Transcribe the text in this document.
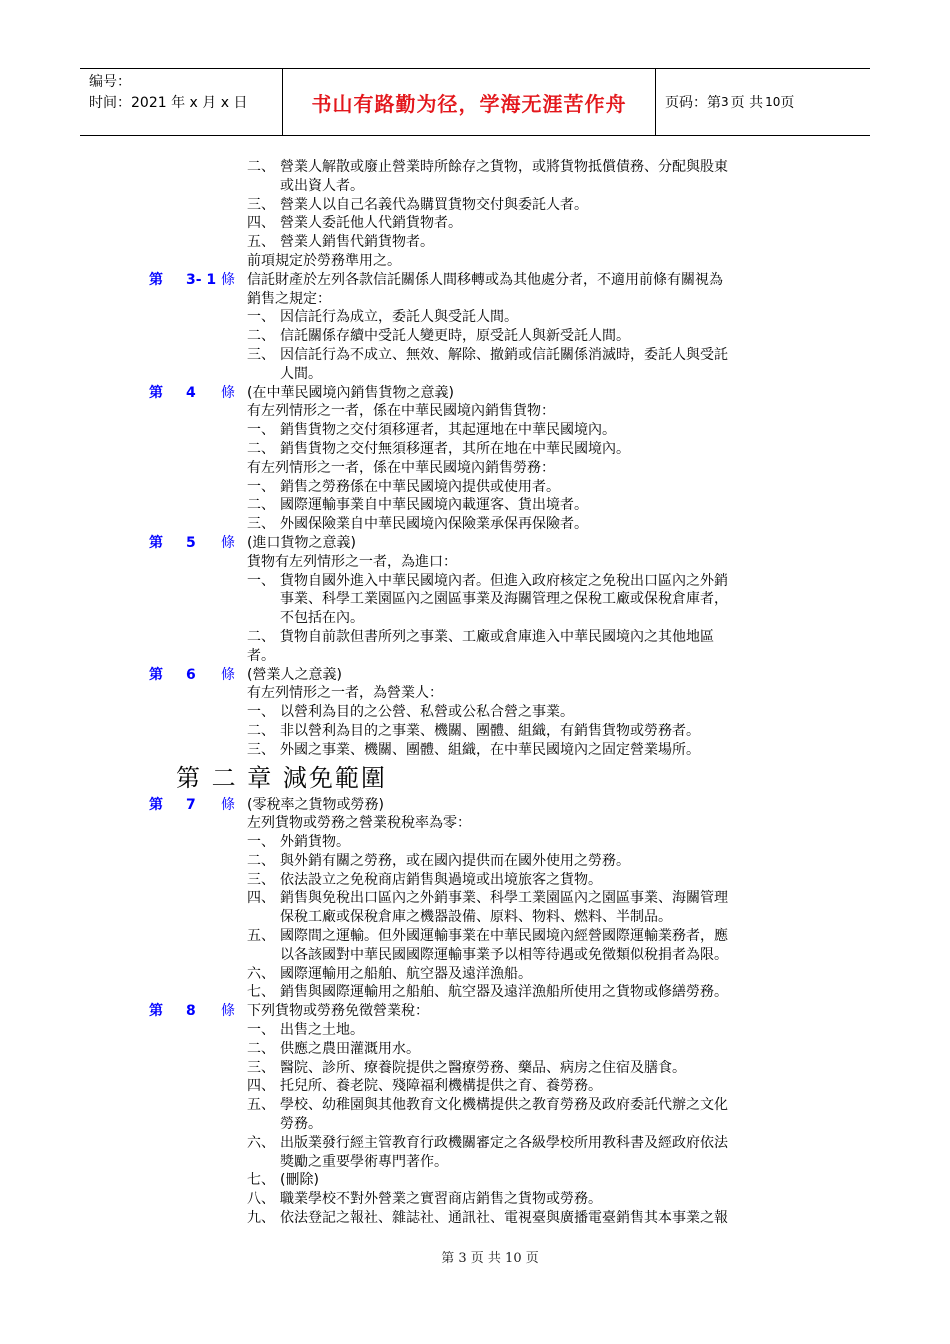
编号：
时间：2021 年 x 月 x 日	书山有路勤为径，学海无涯苦作舟	页码：第 3 页 共 10 页
二、 營業人解散或廢止營業時所餘存之貨物，或將貨物抵償債務、分配與股東
或出資人者。
三、 營業人以自己名義代為購買貨物交付與委託人者。
四、 營業人委託他人代銷貨物者。
五、 營業人銷售代銷貨物者。
前項規定於勞務準用之。
第 3- 1 條 信託財產於左列各款信託關係人間移轉或為其他處分者，不適用前條有關視為
銷售之規定：
一、 因信託行為成立，委託人與受託人間。
二、 信託關係存續中受託人變更時，原受託人與新受託人間。
三、 因信託行為不成立、無效、解除、撤銷或信託關係消滅時，委託人與受託
人間。
第 4 條 (在中華民國境內銷售貨物之意義)
有左列情形之一者，係在中華民國境內銷售貨物：
一、 銷售貨物之交付須移運者，其起運地在中華民國境內。
二、 銷售貨物之交付無須移運者，其所在地在中華民國境內。
有左列情形之一者，係在中華民國境內銷售勞務：
一、 銷售之勞務係在中華民國境內提供或使用者。
二、 國際運輸事業自中華民國境內載運客、貨出境者。
三、 外國保險業自中華民國境內保險業承保再保險者。
第 5 條 (進口貨物之意義)
貨物有左列情形之一者，為進口：
一、 貨物自國外進入中華民國境內者。但進入政府核定之免稅出口區內之外銷
事業、科學工業園區內之園區事業及海關管理之保稅工廠或保稅倉庫者，
不包括在內。
二、 貨物自前款但書所列之事業、工廠或倉庫進入中華民國境內之其他地區
者。
第 6 條 (營業人之意義)
有左列情形之一者，為營業人：
一、 以營利為目的之公營、私營或公私合營之事業。
二、 非以營利為目的之事業、機關、團體、組織，有銷售貨物或勞務者。
三、 外國之事業、機關、團體、組織，在中華民國境內之固定營業場所。
第 二 章 減免範圍
第 7 條 (零稅率之貨物或勞務)
左列貨物或勞務之營業稅稅率為零：
一、 外銷貨物。
二、 與外銷有關之勞務，或在國內提供而在國外使用之勞務。
三、 依法設立之免稅商店銷售與過境或出境旅客之貨物。
四、 銷售與免稅出口區內之外銷事業、科學工業園區內之園區事業、海關管理
保稅工廠或保稅倉庫之機器設備、原料、物料、燃料、半制品。
五、 國際間之運輸。但外國運輸事業在中華民國境內經營國際運輸業務者，應
以各該國對中華民國國際運輸事業予以相等待遇或免徵類似稅捐者為限。
六、 國際運輸用之船舶、航空器及遠洋漁船。
七、 銷售與國際運輸用之船舶、航空器及遠洋漁船所使用之貨物或修繕勞務。
第 8 條 下列貨物或勞務免徵營業稅：
一、 出售之土地。
二、 供應之農田灌溉用水。
三、 醫院、診所、療養院提供之醫療勞務、藥品、病房之住宿及膳食。
四、 托兒所、養老院、殘障福利機構提供之育、養勞務。
五、 學校、幼稚園與其他教育文化機構提供之教育勞務及政府委託代辦之文化
勞務。
六、 出版業發行經主管教育行政機關審定之各級學校所用教科書及經政府依法
獎勵之重要學術專門著作。
七、 (刪除)
八、 職業學校不對外營業之實習商店銷售之貨物或勞務。
九、 依法登記之報社、雜誌社、通訊社、電視臺與廣播電臺銷售其本事業之報
第 3 页 共 10 页
